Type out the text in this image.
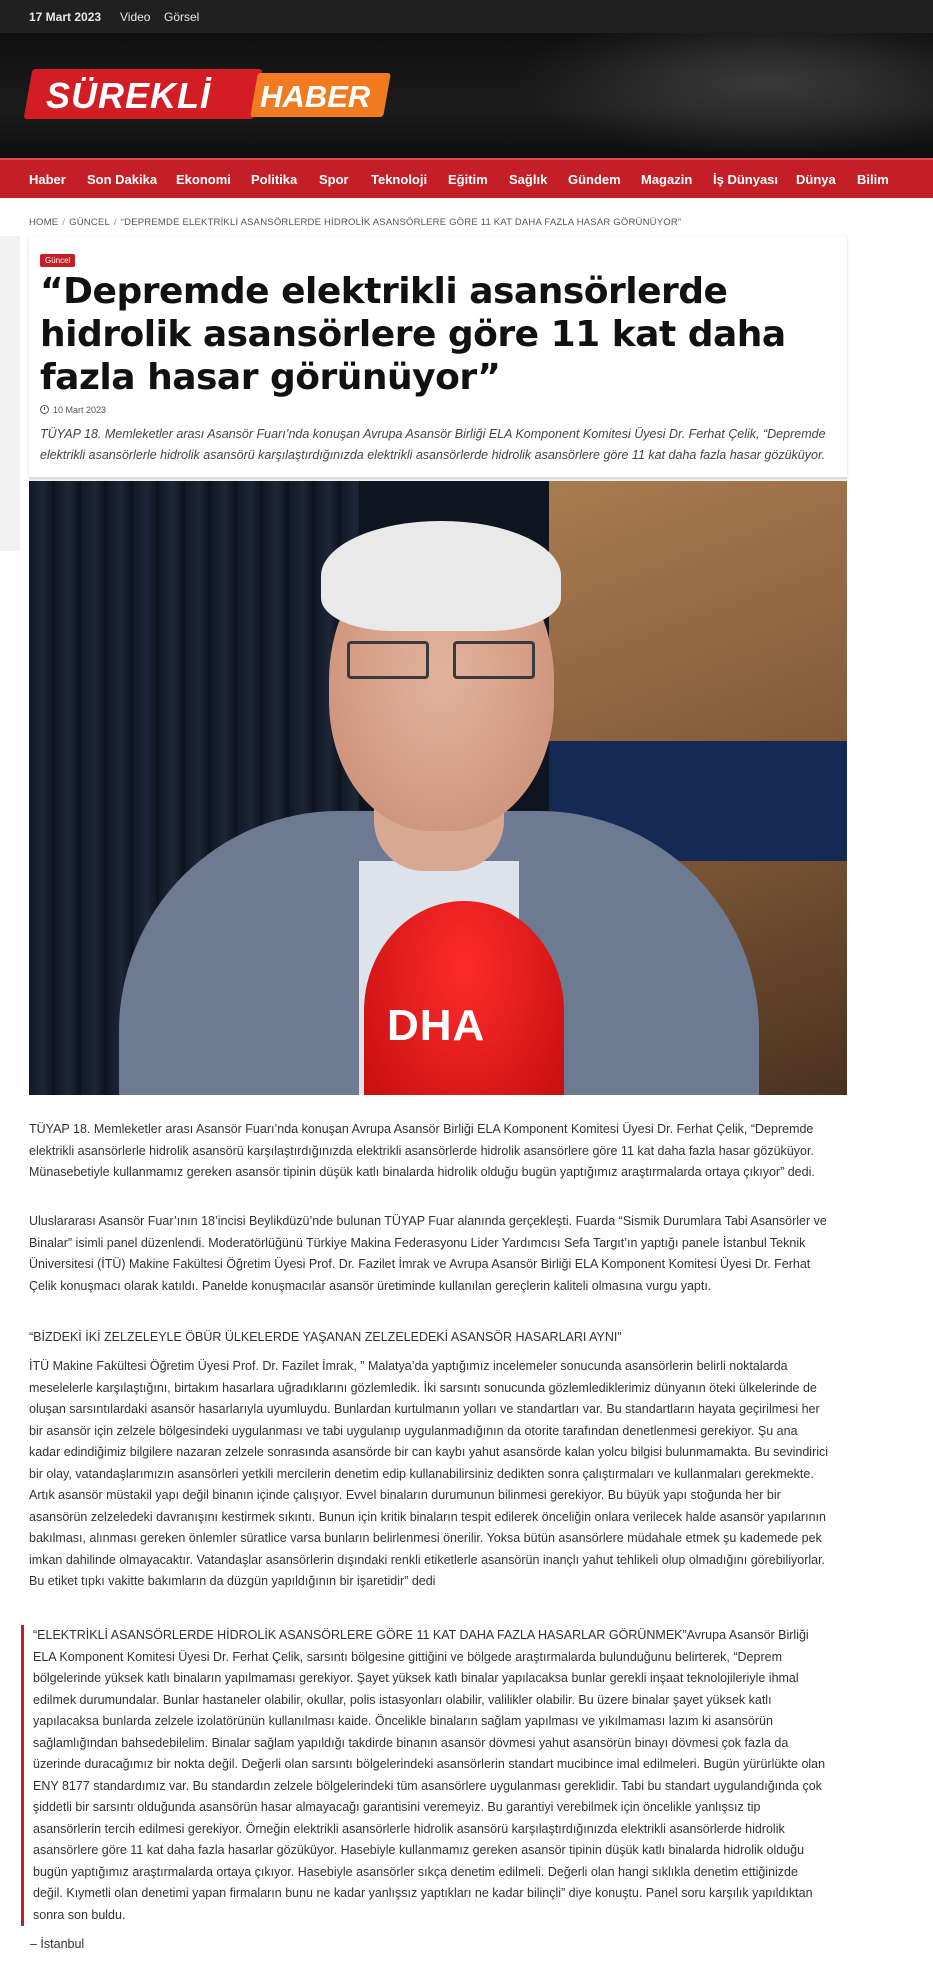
17 Mart 2023 Video Görsel
SÜREKLİ HABER
Haber Son Dakika Ekonomi Politika Spor Teknoloji Eğitim Sağlık Gündem Magazin İş Dünyası Dünya Bilim
HOME / GÜNCEL / “DEPREMDE ELEKTRİKLİ ASANSÖRLERDE HİDROLİK ASANSÖRLERE GÖRE 11 KAT DAHA FAZLA HASAR GÖRÜNÜYOR”
Güncel
“Depremde elektrikli asansörlerde hidrolik asansörlere göre 11 kat daha fazla hasar görünüyor”
10 Mart 2023

TÜYAP 18. Memleketler arası Asansör Fuarı’nda konuşan Avrupa Asansör Birliği ELA Komponent Komitesi Üyesi Dr. Ferhat Çelik, “Depremde elektrikli asansörlerle hidrolik asansörü karşılaştırdığınızda elektrikli asansörlerde hidrolik asansörlere göre 11 kat daha fazla hasar gözüküyor.

DHA

TÜYAP 18. Memleketler arası Asansör Fuarı’nda konuşan Avrupa Asansör Birliği ELA Komponent Komitesi Üyesi Dr. Ferhat Çelik, “Depremde elektrikli asansörlerle hidrolik asansörü karşılaştırdığınızda elektrikli asansörlerde hidrolik asansörlere göre 11 kat daha fazla hasar gözüküyor. Münasebetiyle kullanmamız gereken asansör tipinin düşük katlı binalarda hidrolik olduğu bugün yaptığımız araştırmalarda ortaya çıkıyor” dedi.

Uluslararası Asansör Fuar’ının 18’incisi Beylikdüzü’nde bulunan TÜYAP Fuar alanında gerçekleşti. Fuarda “Sismik Durumlara Tabi Asansörler ve Binalar” isimli panel düzenlendi. Moderatörlüğünü Türkiye Makina Federasyonu Lider Yardımcısı Sefa Targıt’ın yaptığı panele İstanbul Teknik Üniversitesi (İTÜ) Makine Fakültesi Öğretim Üyesi Prof. Dr. Fazilet İmrak ve Avrupa Asansör Birliği ELA Komponent Komitesi Üyesi Dr. Ferhat Çelik konuşmacı olarak katıldı. Panelde konuşmacılar asansör üretiminde kullanılan gereçlerin kaliteli olmasına vurgu yaptı.

“BİZDEKİ İKİ ZELZELEYLE ÖBÜR ÜLKELERDE YAŞANAN ZELZELEDEKİ ASANSÖR HASARLARI AYNI”

İTÜ Makine Fakültesi Öğretim Üyesi Prof. Dr. Fazilet İmrak, ” Malatya’da yaptığımız incelemeler sonucunda asansörlerin belirli noktalarda meselelerle karşılaştığını, birtakım hasarlara uğradıklarını gözlemledik. İki sarsıntı sonucunda gözlemlediklerimiz dünyanın öteki ülkelerinde de oluşan sarsıntılardaki asansör hasarlarıyla uyumluydu. Bunlardan kurtulmanın yolları ve standartları var. Bu standartların hayata geçirilmesi her bir asansör için zelzele bölgesindeki uygulanması ve tabi uygulanıp uygulanmadığının da otorite tarafından denetlenmesi gerekiyor. Şu ana kadar edindiğimiz bilgilere nazaran zelzele sonrasında asansörde bir can kaybı yahut asansörde kalan yolcu bilgisi bulunmamakta. Bu sevindirici bir olay, vatandaşlarımızın asansörleri yetkili mercilerin denetim edip kullanabilirsiniz dedikten sonra çalıştırmaları ve kullanmaları gerekmekte. Artık asansör müstakil yapı değil binanın içinde çalışıyor. Evvel binaların durumunun bilinmesi gerekiyor. Bu büyük yapı stoğunda her bir asansörün zelzeledeki davranışını kestirmek sıkıntı. Bunun için kritik binaların tespit edilerek önceliğin onlara verilecek halde asansör yapılarının bakılması, alınması gereken önlemler süratlice varsa bunların belirlenmesi önerilir. Yoksa bütün asansörlere müdahale etmek şu kademede pek imkan dahilinde olmayacaktır. Vatandaşlar asansörlerin dışındaki renkli etiketlerle asansörün inançlı yahut tehlikeli olup olmadığını görebiliyorlar. Bu etiket tıpkı vakitte bakımların da düzgün yapıldığının bir işaretidir” dedi

“ELEKTRİKLİ ASANSÖRLERDE HİDROLİK ASANSÖRLERE GÖRE 11 KAT DAHA FAZLA HASARLAR GÖRÜNMEK”Avrupa Asansör Birliği ELA Komponent Komitesi Üyesi Dr. Ferhat Çelik, sarsıntı bölgesine gittiğini ve bölgede araştırmalarda bulunduğunu belirterek, “Deprem bölgelerinde yüksek katlı binaların yapılmaması gerekiyor. Şayet yüksek katlı binalar yapılacaksa bunlar gerekli inşaat teknolojileriyle ihmal edilmek durumundalar. Bunlar hastaneler olabilir, okullar, polis istasyonları olabilir, valilikler olabilir. Bu üzere binalar şayet yüksek katlı yapılacaksa bunlarda zelzele izolatörünün kullanılması kaide. Öncelikle binaların sağlam yapılması ve yıkılmaması lazım ki asansörün sağlamlığından bahsedebilelim. Binalar sağlam yapıldığı takdirde binanın asansör dövmesi yahut asansörün binayı dövmesi çok fazla da üzerinde duracağımız bir nokta değil. Değerli olan sarsıntı bölgelerindeki asansörlerin standart mucibince imal edilmeleri. Bugün yürürlükte olan ENY 8177 standardımız var. Bu standardın zelzele bölgelerindeki tüm asansörlere uygulanması gereklidir. Tabi bu standart uygulandığında çok şiddetli bir sarsıntı olduğunda asansörün hasar almayacağı garantisini veremeyiz. Bu garantiyi verebilmek için öncelikle yanlışsız tip asansörlerin tercih edilmesi gerekiyor. Örneğin elektrikli asansörlerle hidrolik asansörü karşılaştırdığınızda elektrikli asansörlerde hidrolik asansörlere göre 11 kat daha fazla hasarlar gözüküyor. Hasebiyle kullanmamız gereken asansör tipinin düşük katlı binalarda hidrolik olduğu bugün yaptığımız araştırmalarda ortaya çıkıyor. Hasebiyle asansörler sıkça denetim edilmeli. Değerli olan hangi sıklıkla denetim ettiğinizde değil. Kıymetli olan denetimi yapan firmaların bunu ne kadar yanlışsız yaptıkları ne kadar bilinçli” diye konuştu. Panel soru karşılık yapıldıktan sonra son buldu.

– İstanbul
